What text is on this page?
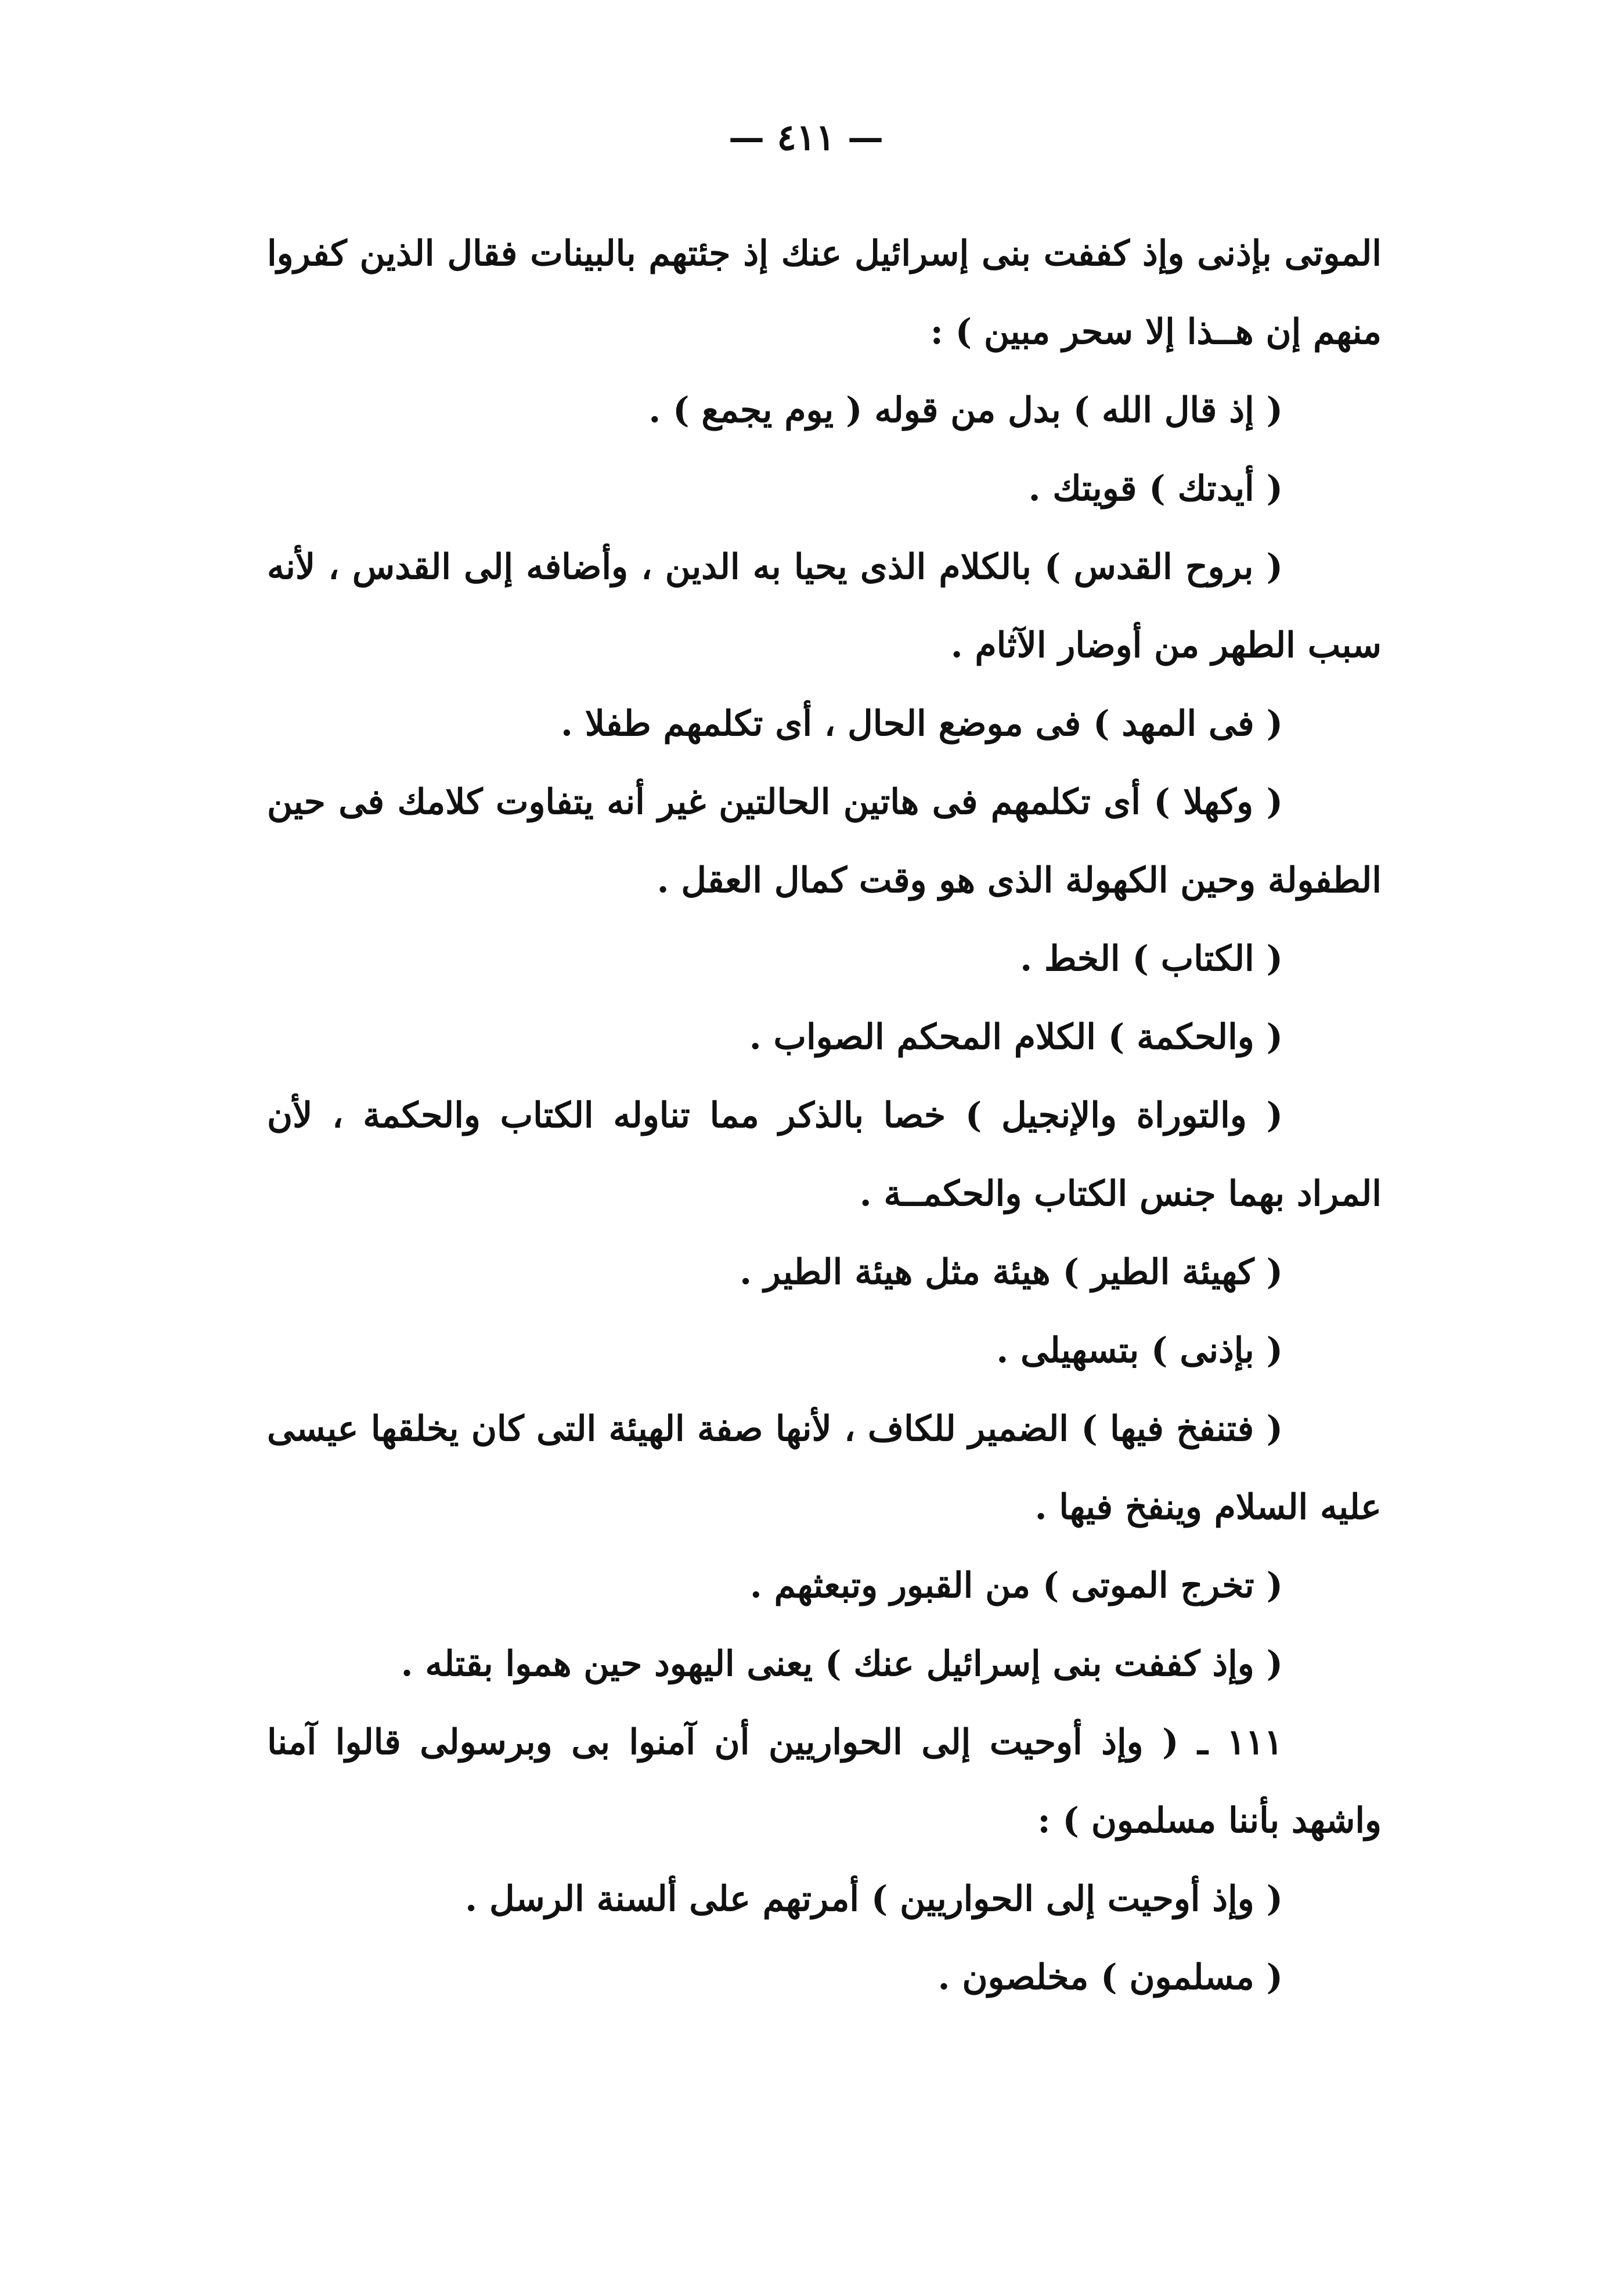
— ٤١١ —

الموتى بإذنى وإذ كففت بنى إسرائيل عنك إذ جئتهم بالبينات فقال الذين كفروا منهم إن هــذا إلا سحر مبين ) :

( إذ قال الله ) بدل من قوله ( يوم يجمع ) .

( أيدتك ) قويتك .

( بروح القدس ) بالكلام الذى يحيا به الدين ، وأضافه إلى القدس ، لأنه سبب الطهر من أوضار الآثام .

( فى المهد ) فى موضع الحال ، أى تكلمهم طفلا .

( وكهلا ) أى تكلمهم فى هاتين الحالتين غير أنه يتفاوت كلامك فى حين الطفولة وحين الكهولة الذى هو وقت كمال العقل .

( الكتاب ) الخط .

( والحكمة ) الكلام المحكم الصواب .

( والتوراة والإنجيل ) خصا بالذكر مما تناوله الكتاب والحكمة ، لأن المراد بهما جنس الكتاب والحكمــة .

( كهيئة الطير ) هيئة مثل هيئة الطير .

( بإذنى ) بتسهيلى .

( فتنفخ فيها ) الضمير للكاف ، لأنها صفة الهيئة التى كان يخلقها عيسى عليه السلام وينفخ فيها .

( تخرج الموتى ) من القبور وتبعثهم .

( وإذ كففت بنى إسرائيل عنك ) يعنى اليهود حين هموا بقتله .

١١١ ـ ( وإذ أوحيت إلى الحواريين أن آمنوا بى وبرسولى قالوا آمنا واشهد بأننا مسلمون ) :

( وإذ أوحيت إلى الحواريين ) أمرتهم على ألسنة الرسل .

( مسلمون ) مخلصون .
